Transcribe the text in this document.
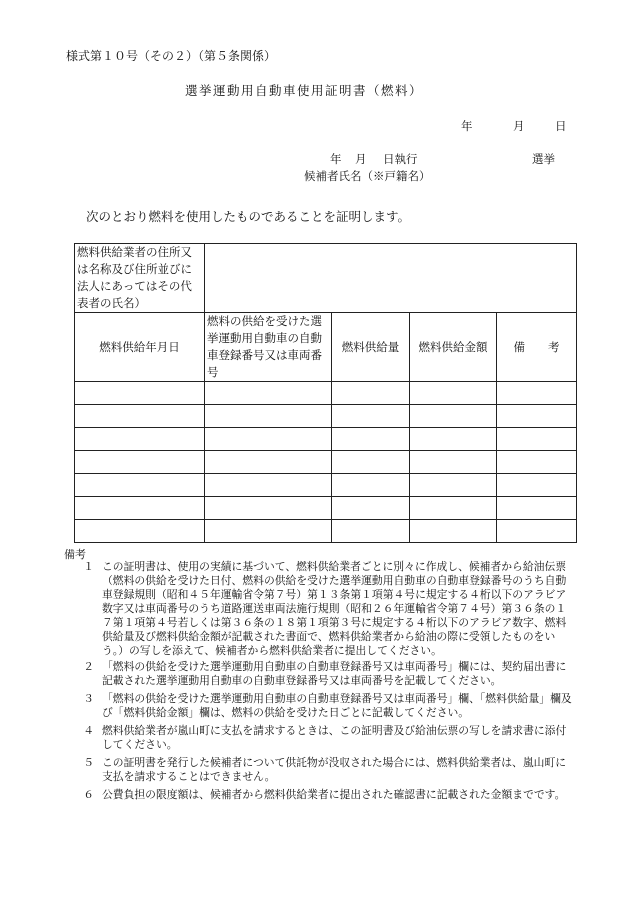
様式第１０号（その２）（第５条関係）
選挙運動用自動車使用証明書（燃料）
年	月	日
年 月 日執行	選挙
候補者氏名（※戸籍名）
次のとおり燃料を使用したものであることを証明します。
燃料供給業者の住所又は名称及び住所並びに法人にあってはその代表者の氏名）				

燃料供給年月日	燃料の供給を受けた選挙運動用自動車の自動車登録番号又は車両番号	燃料供給量	燃料供給金額	備　　考

備考
１ この証明書は、使用の実績に基づいて、燃料供給業者ごとに別々に作成し、候補者から給油伝票（燃料の供給を受けた日付、燃料の供給を受けた選挙運動用自動車の自動車登録番号のうち自動車登録規則（昭和４５年運輸省令第７号）第１３条第１項第４号に規定する４桁以下のアラビア数字又は車両番号のうち道路運送車両法施行規則（昭和２６年運輸省令第７４号）第３６条の１７第１項第４号若しくは第３６条の１８第１項第３号に規定する４桁以下のアラビア数字、燃料供給量及び燃料供給金額が記載された書面で、燃料供給業者から給油の際に受領したものをいう。）の写しを添えて、候補者から燃料供給業者に提出してください。
２ 「燃料の供給を受けた選挙運動用自動車の自動車登録番号又は車両番号」欄には、契約届出書に記載された選挙運動用自動車の自動車登録番号又は車両番号を記載してください。
３ 「燃料の供給を受けた選挙運動用自動車の自動車登録番号又は車両番号」欄、「燃料供給量」欄及び「燃料供給金額」欄は、燃料の供給を受けた日ごとに記載してください。
４ 燃料供給業者が嵐山町に支払を請求するときは、この証明書及び給油伝票の写しを請求書に添付してください。
５ この証明書を発行した候補者について供託物が没収された場合には、燃料供給業者は、嵐山町に支払を請求することはできません。
６ 公費負担の限度額は、候補者から燃料供給業者に提出された確認書に記載された金額までです。
